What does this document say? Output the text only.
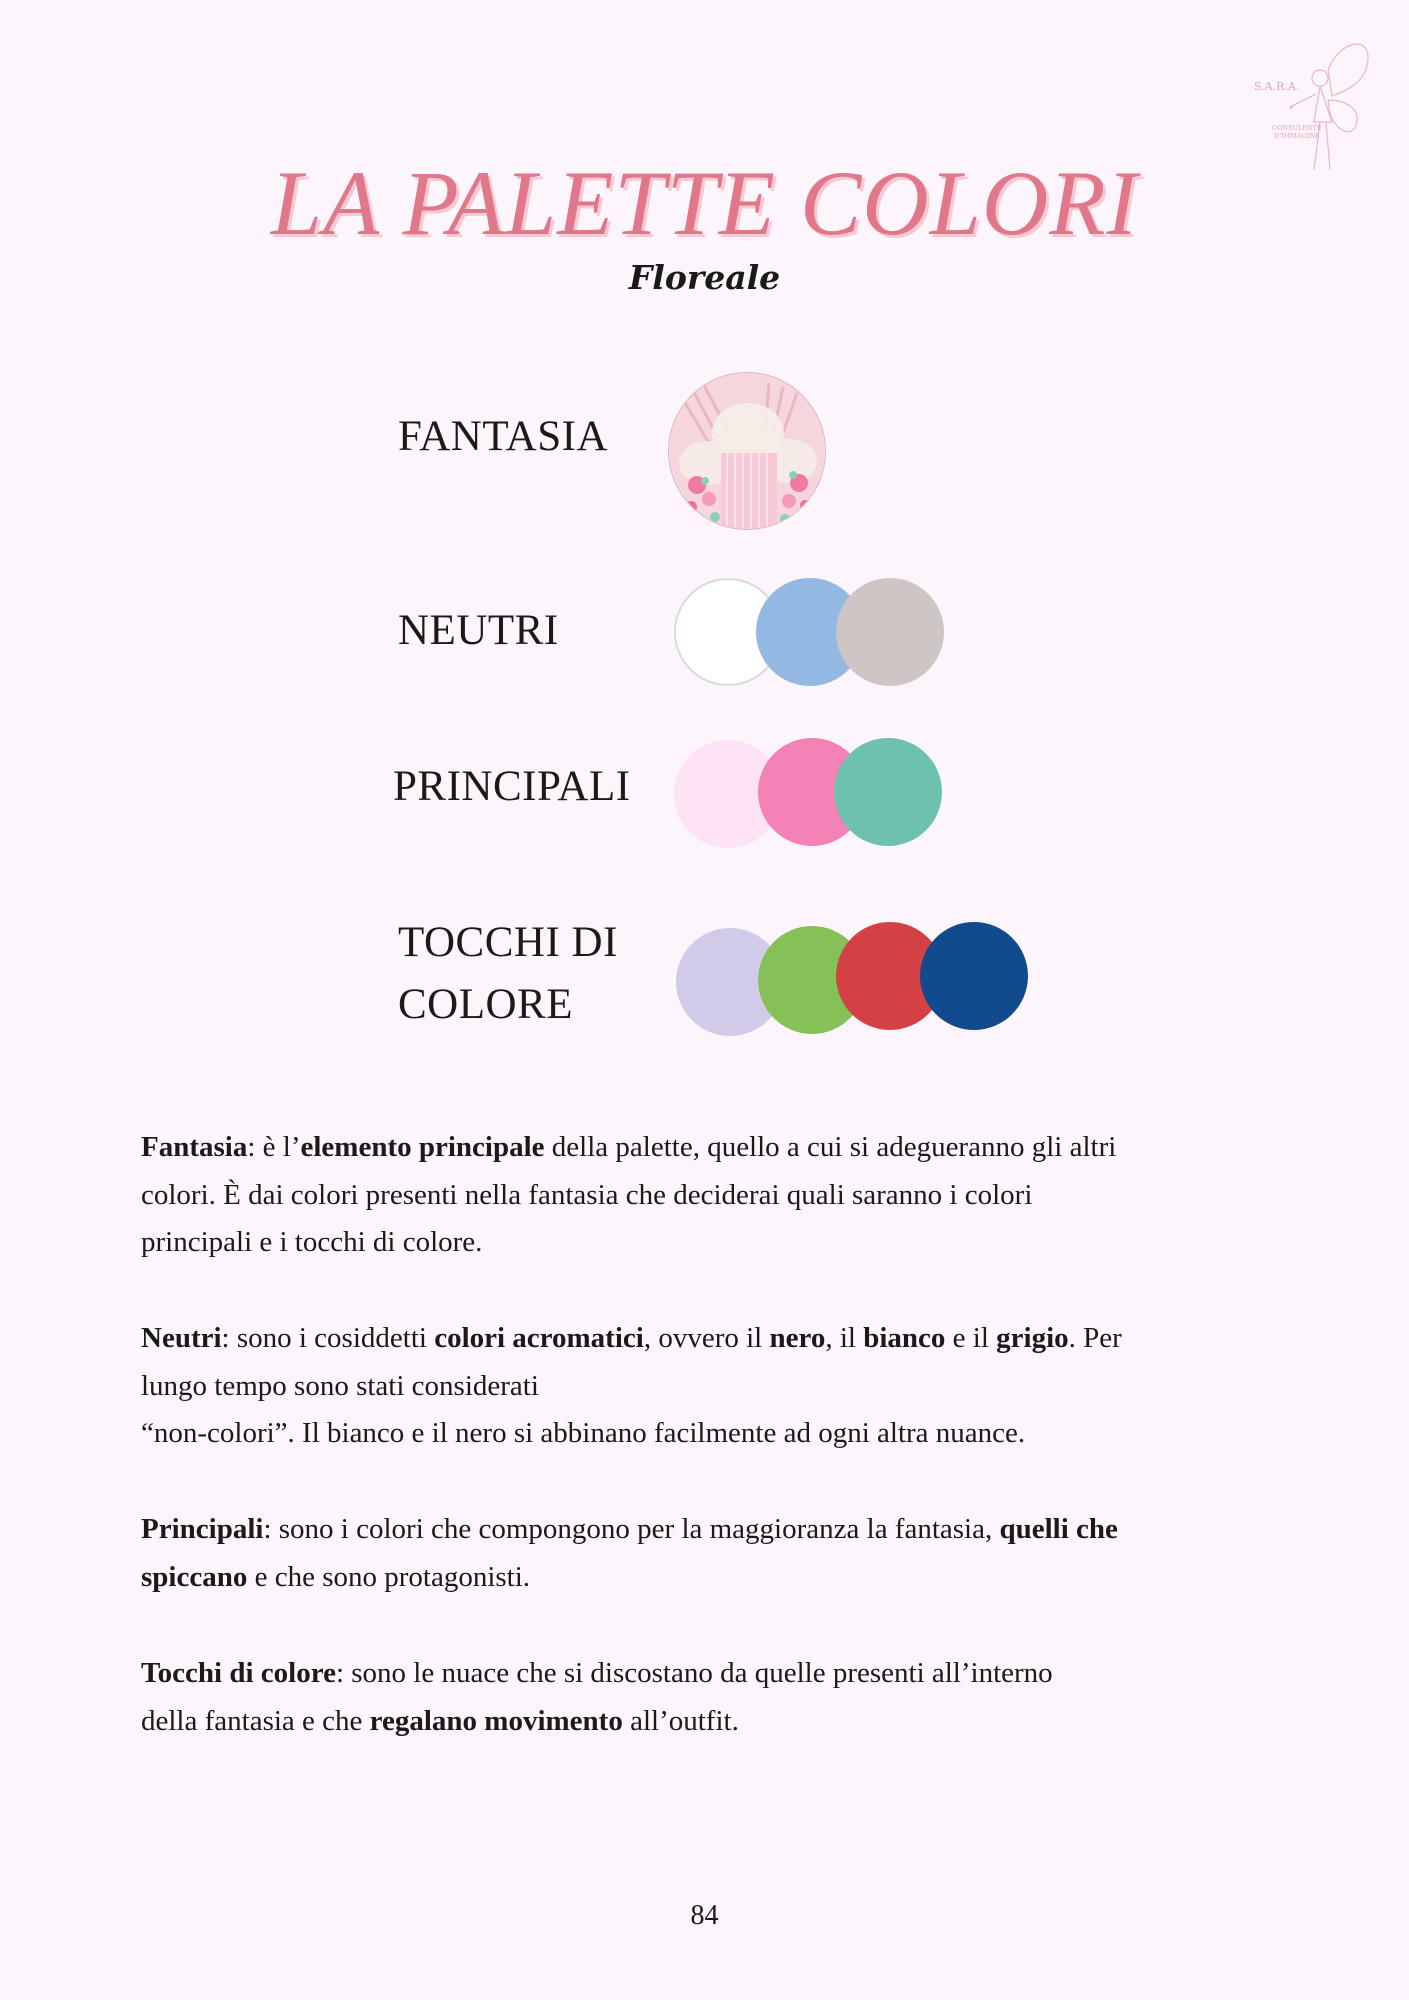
✦
S.A.R.A.
CONSULENTE
D'IMMAGINE
LA PALETTE COLORI
Floreale
FANTASIA
NEUTRI
PRINCIPALI
TOCCHI DI
COLORE
Fantasia: è l’elemento principale della palette, quello a cui si adegueranno gli altri
colori. È dai colori presenti nella fantasia che deciderai quali saranno i colori
principali e i tocchi di colore.
Neutri: sono i cosiddetti colori acromatici, ovvero il nero, il bianco e il grigio. Per
lungo tempo sono stati considerati
“non-colori”. Il bianco e il nero si abbinano facilmente ad ogni altra nuance.
Principali: sono i colori che compongono per la maggioranza la fantasia, quelli che
spiccano e che sono protagonisti.
Tocchi di colore: sono le nuace che si discostano da quelle presenti all’interno
della fantasia e che regalano movimento all’outfit.
84
